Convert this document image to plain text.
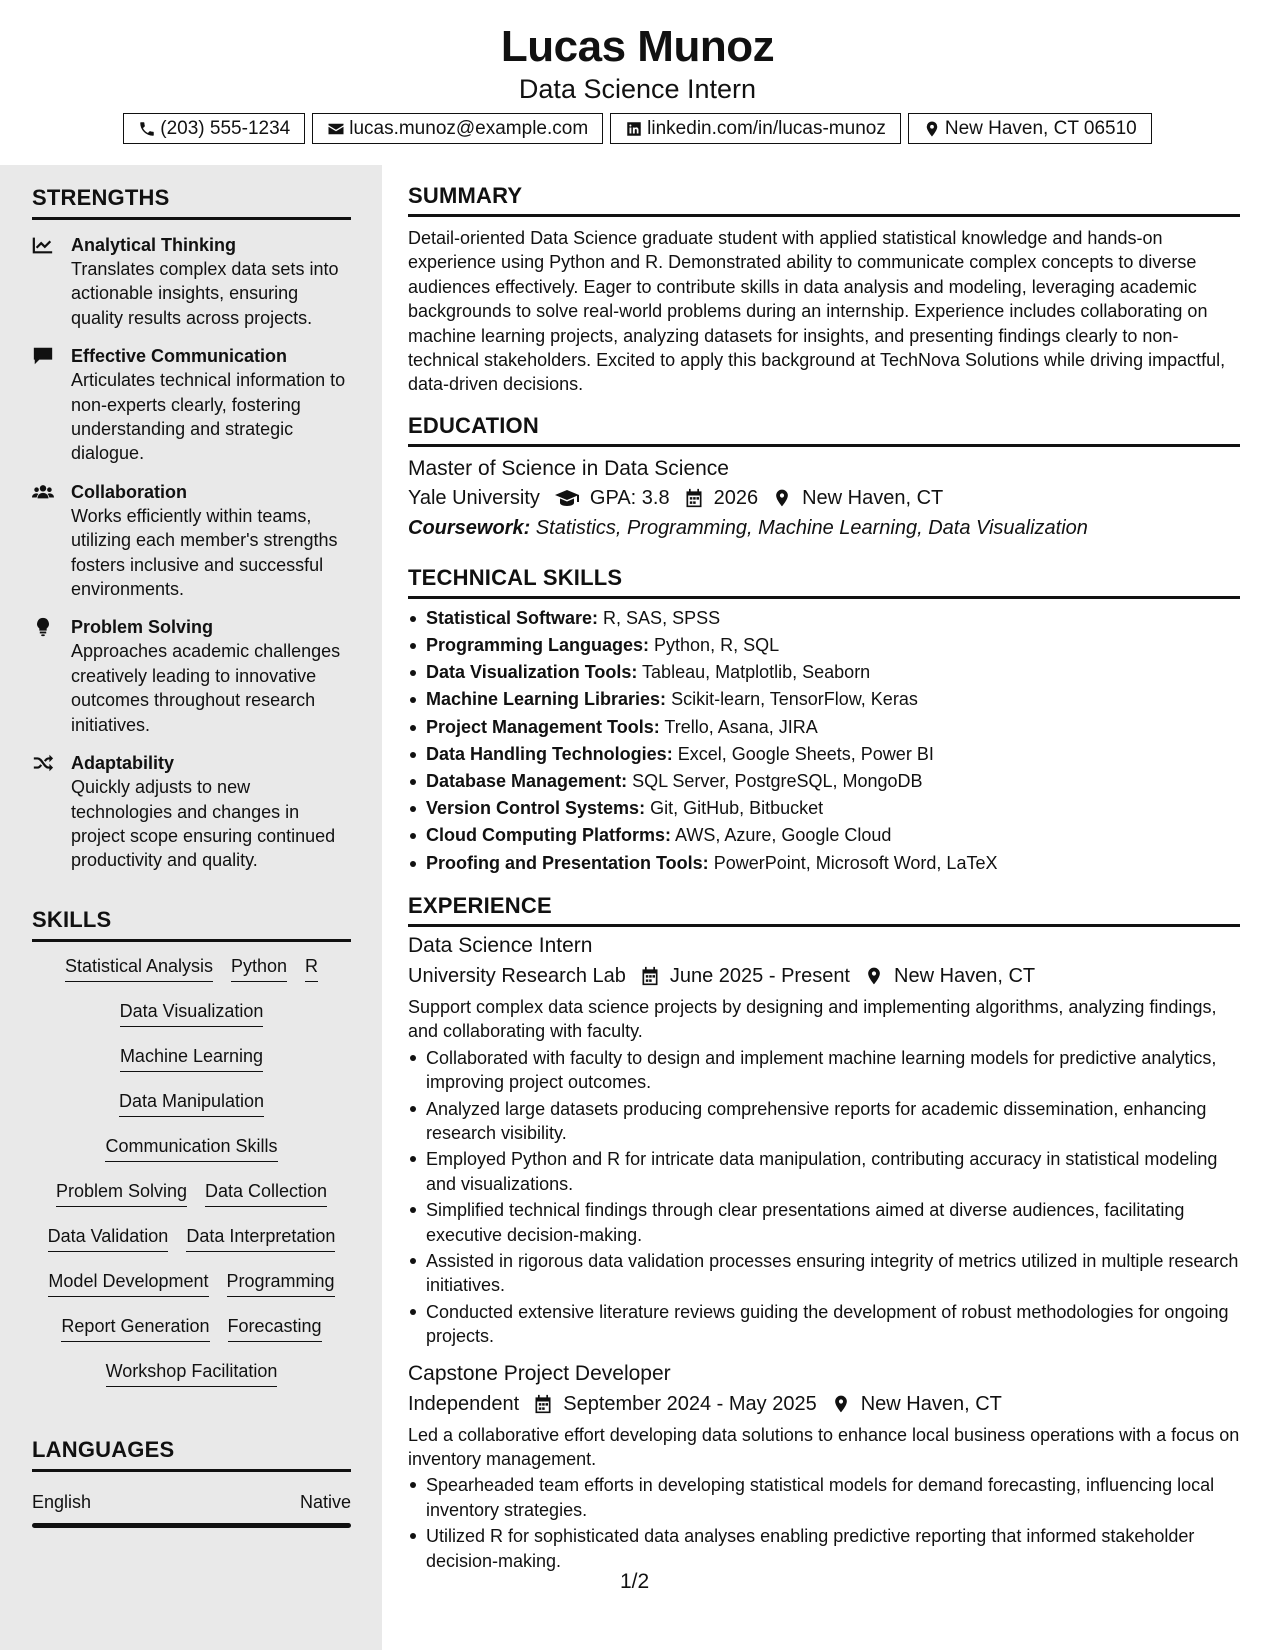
Lucas Munoz
Data Science Intern
(203) 555-1234	lucas.munoz@example.com	linkedin.com/in/lucas-munoz	New Haven, CT 06510
STRENGTHS
Analytical Thinking
Translates complex data sets into actionable insights, ensuring quality results across projects.
Effective Communication
Articulates technical information to non-experts clearly, fostering understanding and strategic dialogue.
Collaboration
Works efficiently within teams, utilizing each member's strengths fosters inclusive and successful environments.
Problem Solving
Approaches academic challenges creatively leading to innovative outcomes throughout research initiatives.
Adaptability
Quickly adjusts to new technologies and changes in project scope ensuring continued productivity and quality.
SKILLS
Statistical Analysis Python R
Data Visualization
Machine Learning
Data Manipulation
Communication Skills
Problem Solving Data Collection
Data Validation Data Interpretation
Model Development Programming
Report Generation Forecasting
Workshop Facilitation
LANGUAGES
English	Native
SUMMARY
Detail-oriented Data Science graduate student with applied statistical knowledge and hands-on experience using Python and R. Demonstrated ability to communicate complex concepts to diverse audiences effectively. Eager to contribute skills in data analysis and modeling, leveraging academic backgrounds to solve real-world problems during an internship. Experience includes collaborating on machine learning projects, analyzing datasets for insights, and presenting findings clearly to non-technical stakeholders. Excited to apply this background at TechNova Solutions while driving impactful, data-driven decisions.
EDUCATION
Master of Science in Data Science
Yale University	GPA: 3.8 2026 New Haven, CT
Coursework: Statistics, Programming, Machine Learning, Data Visualization
TECHNICAL SKILLS
Statistical Software: R, SAS, SPSS
Programming Languages: Python, R, SQL
Data Visualization Tools: Tableau, Matplotlib, Seaborn
Machine Learning Libraries: Scikit-learn, TensorFlow, Keras
Project Management Tools: Trello, Asana, JIRA
Data Handling Technologies: Excel, Google Sheets, Power BI
Database Management: SQL Server, PostgreSQL, MongoDB
Version Control Systems: Git, GitHub, Bitbucket
Cloud Computing Platforms: AWS, Azure, Google Cloud
Proofing and Presentation Tools: PowerPoint, Microsoft Word, LaTeX
EXPERIENCE
Data Science Intern
University Research Lab June 2025 - Present New Haven, CT
Support complex data science projects by designing and implementing algorithms, analyzing findings, and collaborating with faculty.
Collaborated with faculty to design and implement machine learning models for predictive analytics, improving project outcomes.
Analyzed large datasets producing comprehensive reports for academic dissemination, enhancing research visibility.
Employed Python and R for intricate data manipulation, contributing accuracy in statistical modeling and visualizations.
Simplified technical findings through clear presentations aimed at diverse audiences, facilitating executive decision-making.
Assisted in rigorous data validation processes ensuring integrity of metrics utilized in multiple research initiatives.
Conducted extensive literature reviews guiding the development of robust methodologies for ongoing projects.
Capstone Project Developer
Independent September 2024 - May 2025 New Haven, CT
Led a collaborative effort developing data solutions to enhance local business operations with a focus on inventory management.
Spearheaded team efforts in developing statistical models for demand forecasting, influencing local inventory strategies.
Utilized R for sophisticated data analyses enabling predictive reporting that informed stakeholder decision-making.
1/2
